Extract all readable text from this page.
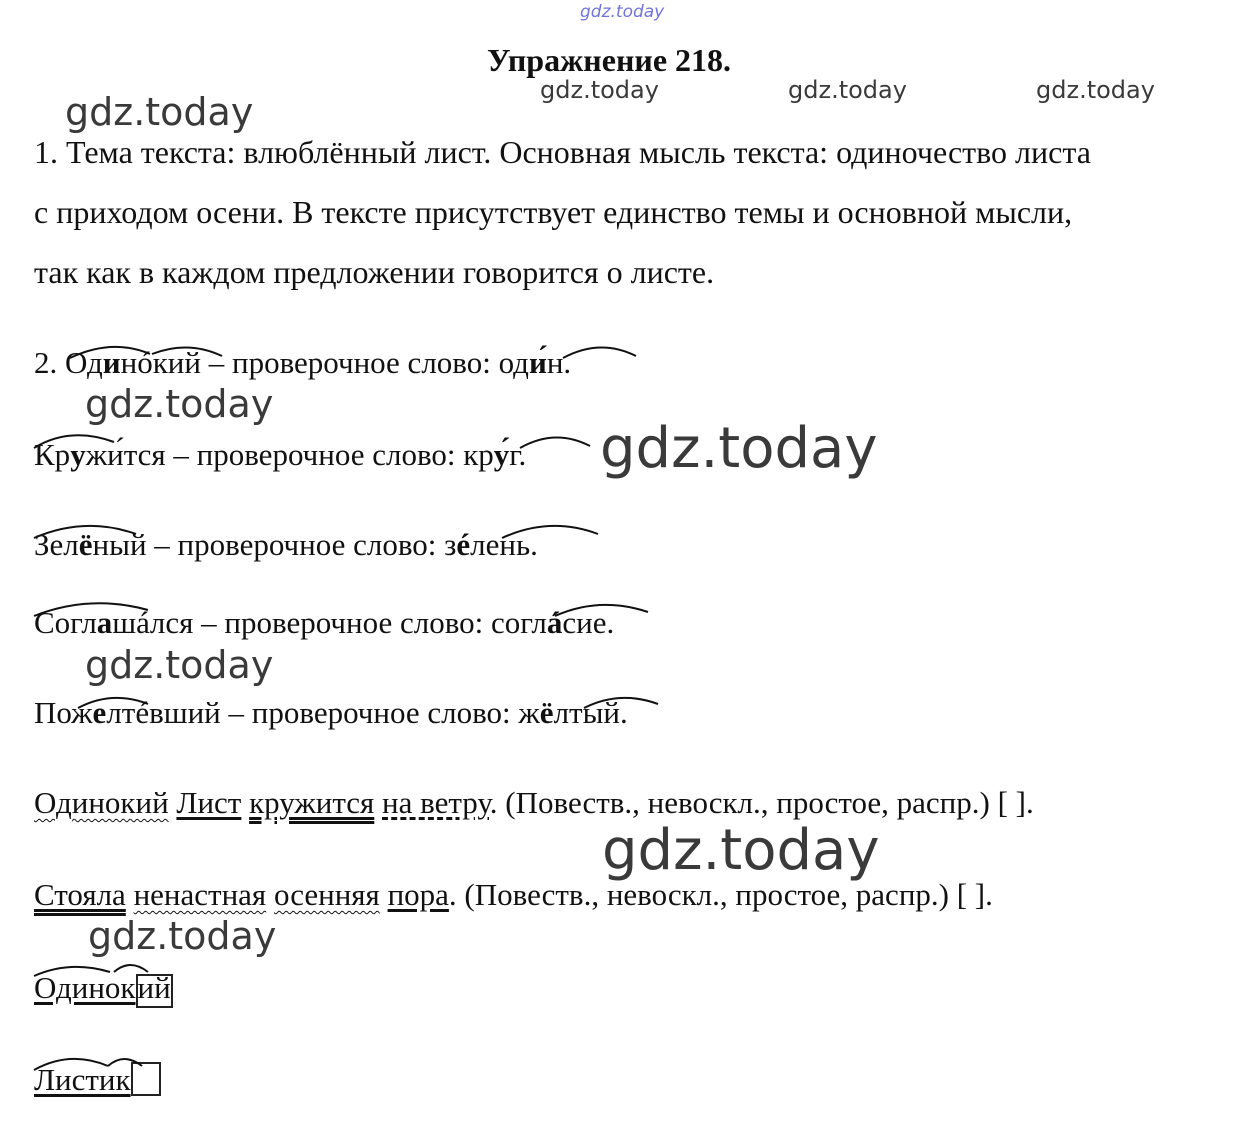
gdz.today
gdz.today	gdz.today	gdz.today
gdz.today
gdz.today
gdz.today
gdz.today
gdz.today
gdz.today
Упражнение 218.
1. Тема текста: влюблённый лист. Основная мысль текста: одиночество листа
с приходом осени. В тексте присутствует единство темы и основной мысли,
так как в каждом предложении говорится о листе.
2. Одинóкий – проверочное слово: оди́н.
Кружи́тся – проверочное слово: кру́г.
Зелёный – проверочное слово: зéлень.
Соглашáлся – проверочное слово: соглáсие.
Пожелтéвший – проверочное слово: жёлтый.
Одинокий Лист кружится на ветру. (Повеств., невоскл., простое, распр.) [ ].
Стояла ненастная осенняя пора. (Повеств., невоскл., простое, распр.) [ ].
Одинокий
Листик
